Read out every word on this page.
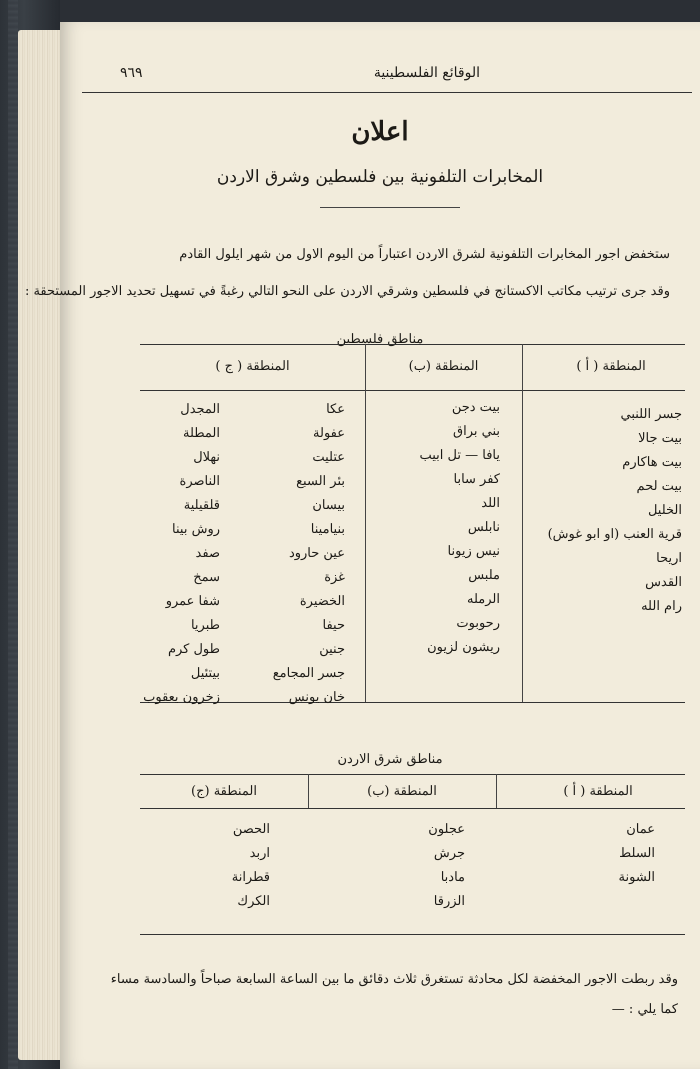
٩٦٩	الوقائع الفلسطينية
اعلان
المخابرات التلفونية بين فلسطين وشرق الاردن
ستخفض اجور المخابرات التلفونية لشرق الاردن اعتباراً من اليوم الاول من شهر ايلول القادم
وقد جرى ترتيب مكاتب الاكستانج في فلسطين وشرقي الاردن على النحو التالي رغبةً في تسهيل تحديد الاجور المستحقة :
مناطق فلسطين
المنطقة ( أ )
المنطقة (ب)
المنطقة ( ج )
جسر اللنبي
بيت جالا
بيت هاكارم
بيت لحم
الخليل
قرية العنب (او ابو غوش)
اريحا
القدس
رام الله
بيت دجن
بني براق
يافا — تل ابيب
كفر سابا
اللد
نابلس
نيس زيونا
ملبس
الرمله
رحوبوت
ريشون لزيون
عكا
عفولة
عتليت
بئر السبع
بيسان
بنيامينا
عين حارود
غزة
الخضيرة
حيفا
جنين
جسر المجامع
خان يونس
المجدل
المطلة
نهلال
الناصرة
قلقيلية
روش بينا
صفد
سمخ
شفا عمرو
طبريا
طول كرم
بيتئيل
زخرون يعقوب
مناطق شرق الاردن
المنطقة ( أ )
المنطقة (ب)
المنطقة (ج)
عمان
السلط
الشونة
عجلون
جرش
مادبا
الزرقا
الحصن
اربد
قطرانة
الكرك
وقد ربطت الاجور المخفضة لكل محادثة تستغرق ثلاث دقائق ما بين الساعة السابعة صباحاً والسادسة مساء
كما يلي : —
